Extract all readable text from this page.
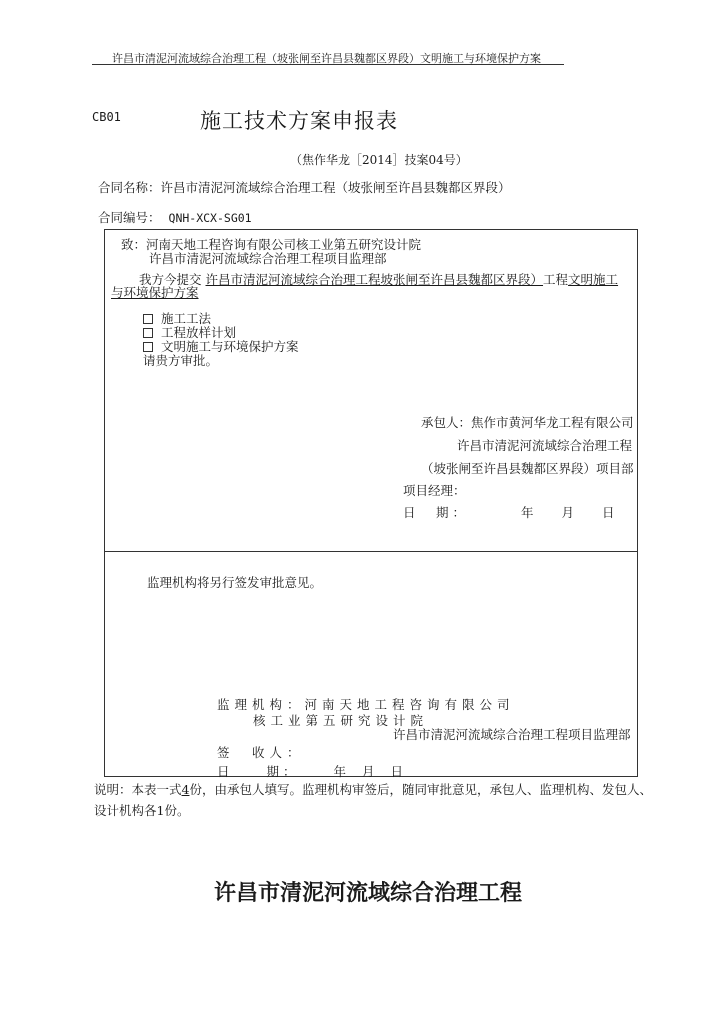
许昌市清泥河流域综合治理工程（坡张闸至许昌县魏都区界段）文明施工与环境保护方案
CB01	施工技术方案申报表
（焦作华龙［2014］技案04号）
合同名称：许昌市清泥河流域综合治理工程（坡张闸至许昌县魏都区界段）
合同编号： QNH-XCX-SG01
致：河南天地工程咨询有限公司核工业第五研究设计院
许昌市清泥河流域综合治理工程项目监理部
我方今提交 许昌市清泥河流域综合治理工程坡张闸至许昌县魏都区界段）工程文明施工
与环境保护方案
施工工法
工程放样计划
文明施工与环境保护方案
请贵方审批。
承包人：焦作市黄河华龙工程有限公司
许昌市清泥河流域综合治理工程
（坡张闸至许昌县魏都区界段）项目部
项目经理：
日　期：	年 月 日
监理机构将另行签发审批意见。
监理机构：河南天地工程咨询有限公司
核工业第五研究设计院
许昌市清泥河流域综合治理工程项目监理部
签　收人：
日　　期：	年 月 日
说明：本表一式4份，由承包人填写。监理机构审签后，随同审批意见，承包人、监理机构、发包人、
设计机构各1份。
许昌市清泥河流域综合治理工程
